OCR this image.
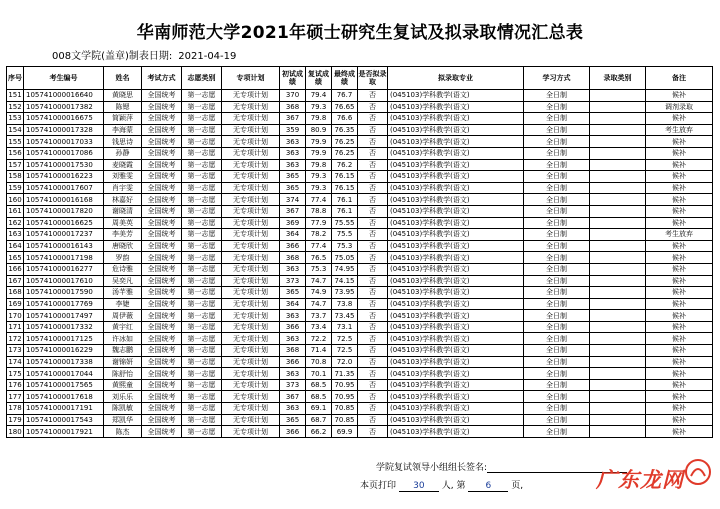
华南师范大学2021年硕士研究生复试及拟录取情况汇总表
008文学院(盖章)制表日期: 2021-04-19
序号	考生编号	姓名	考试方式	志愿类别	专项计划	初试成绩	复试成绩	最终成绩	是否拟录取	拟录取专业	学习方式	录取类别	备注
151	105741000016640	黄晓思	全国统考	第一志愿	无专项计划	370	79.4	76.7	否	(045103)学科教学(语文)	全日制		候补
152	105741000017382	陈锶	全国统考	第一志愿	无专项计划	368	79.3	76.65	否	(045103)学科教学(语文)	全日制		调剂录取
153	105741000016675	简颖萍	全国统考	第一志愿	无专项计划	367	79.8	76.6	否	(045103)学科教学(语文)	全日制		候补
154	105741000017328	李海蒙	全国统考	第一志愿	无专项计划	359	80.9	76.35	否	(045103)学科教学(语文)	全日制		考生放弃
155	105741000017033	钱思诗	全国统考	第一志愿	无专项计划	363	79.9	76.25	否	(045103)学科教学(语文)	全日制		候补
156	105741000017086	孙静	全国统考	第一志愿	无专项计划	363	79.9	76.25	否	(045103)学科教学(语文)	全日制		候补
157	105741000017530	麦晓霞	全国统考	第一志愿	无专项计划	363	79.8	76.2	否	(045103)学科教学(语文)	全日制		候补
158	105741000016223	刘雅雯	全国统考	第一志愿	无专项计划	365	79.3	76.15	否	(045103)学科教学(语文)	全日制		候补
159	105741000017607	肖宇雯	全国统考	第一志愿	无专项计划	365	79.3	76.15	否	(045103)学科教学(语文)	全日制		候补
160	105741000016168	林嘉好	全国统考	第一志愿	无专项计划	374	77.4	76.1	否	(045103)学科教学(语文)	全日制		候补
161	105741000017820	谢晓清	全国统考	第一志愿	无专项计划	367	78.8	76.1	否	(045103)学科教学(语文)	全日制		候补
162	105741000016625	周美英	全国统考	第一志愿	无专项计划	369	77.9	75.55	否	(045103)学科教学(语文)	全日制		候补
163	105741000017237	李美芳	全国统考	第一志愿	无专项计划	364	78.2	75.5	否	(045103)学科教学(语文)	全日制		考生放弃
164	105741000016143	唐晓欣	全国统考	第一志愿	无专项计划	366	77.4	75.3	否	(045103)学科教学(语文)	全日制		候补
165	105741000017198	罗韵	全国统考	第一志愿	无专项计划	368	76.5	75.05	否	(045103)学科教学(语文)	全日制		候补
166	105741000016277	危诗雅	全国统考	第一志愿	无专项计划	363	75.3	74.95	否	(045103)学科教学(语文)	全日制		候补
167	105741000017610	吴奕凡	全国统考	第一志愿	无专项计划	373	74.7	74.15	否	(045103)学科教学(语文)	全日制		候补
168	105741000017590	汤芊雅	全国统考	第一志愿	无专项计划	365	74.9	73.95	否	(045103)学科教学(语文)	全日制		候补
169	105741000017769	李婕	全国统考	第一志愿	无专项计划	364	74.7	73.8	否	(045103)学科教学(语文)	全日制		候补
170	105741000017497	周伊薇	全国统考	第一志愿	无专项计划	363	73.7	73.45	否	(045103)学科教学(语文)	全日制		候补
171	105741000017332	黄宇红	全国统考	第一志愿	无专项计划	366	73.4	73.1	否	(045103)学科教学(语文)	全日制		候补
172	105741000017125	许冰如	全国统考	第一志愿	无专项计划	363	72.2	72.5	否	(045103)学科教学(语文)	全日制		候补
173	105741000016229	魏志鹏	全国统考	第一志愿	无专项计划	368	71.4	72.5	否	(045103)学科教学(语文)	全日制		候补
174	105741000017338	谢锦妍	全国统考	第一志愿	无专项计划	366	70.8	72.0	否	(045103)学科教学(语文)	全日制		候补
175	105741000017044	陈舒怡	全国统考	第一志愿	无专项计划	363	70.1	71.35	否	(045103)学科教学(语文)	全日制		候补
176	105741000017565	黄熙童	全国统考	第一志愿	无专项计划	373	68.5	70.95	否	(045103)学科教学(语文)	全日制		候补
177	105741000017618	刘乐乐	全国统考	第一志愿	无专项计划	367	68.5	70.95	否	(045103)学科教学(语文)	全日制		候补
178	105741000017191	陈凯敏	全国统考	第一志愿	无专项计划	363	69.1	70.85	否	(045103)学科教学(语文)	全日制		候补
179	105741000017543	郑凯华	全国统考	第一志愿	无专项计划	365	68.7	70.85	否	(045103)学科教学(语文)	全日制		候补
180	105741000017921	陈杰	全国统考	第一志愿	无专项计划	366	66.2	69.9	否	(045103)学科教学(语文)	全日制		候补
学院复试领导小组组长签名:
本页打印 30 人, 第 6 页,	广东龙网
